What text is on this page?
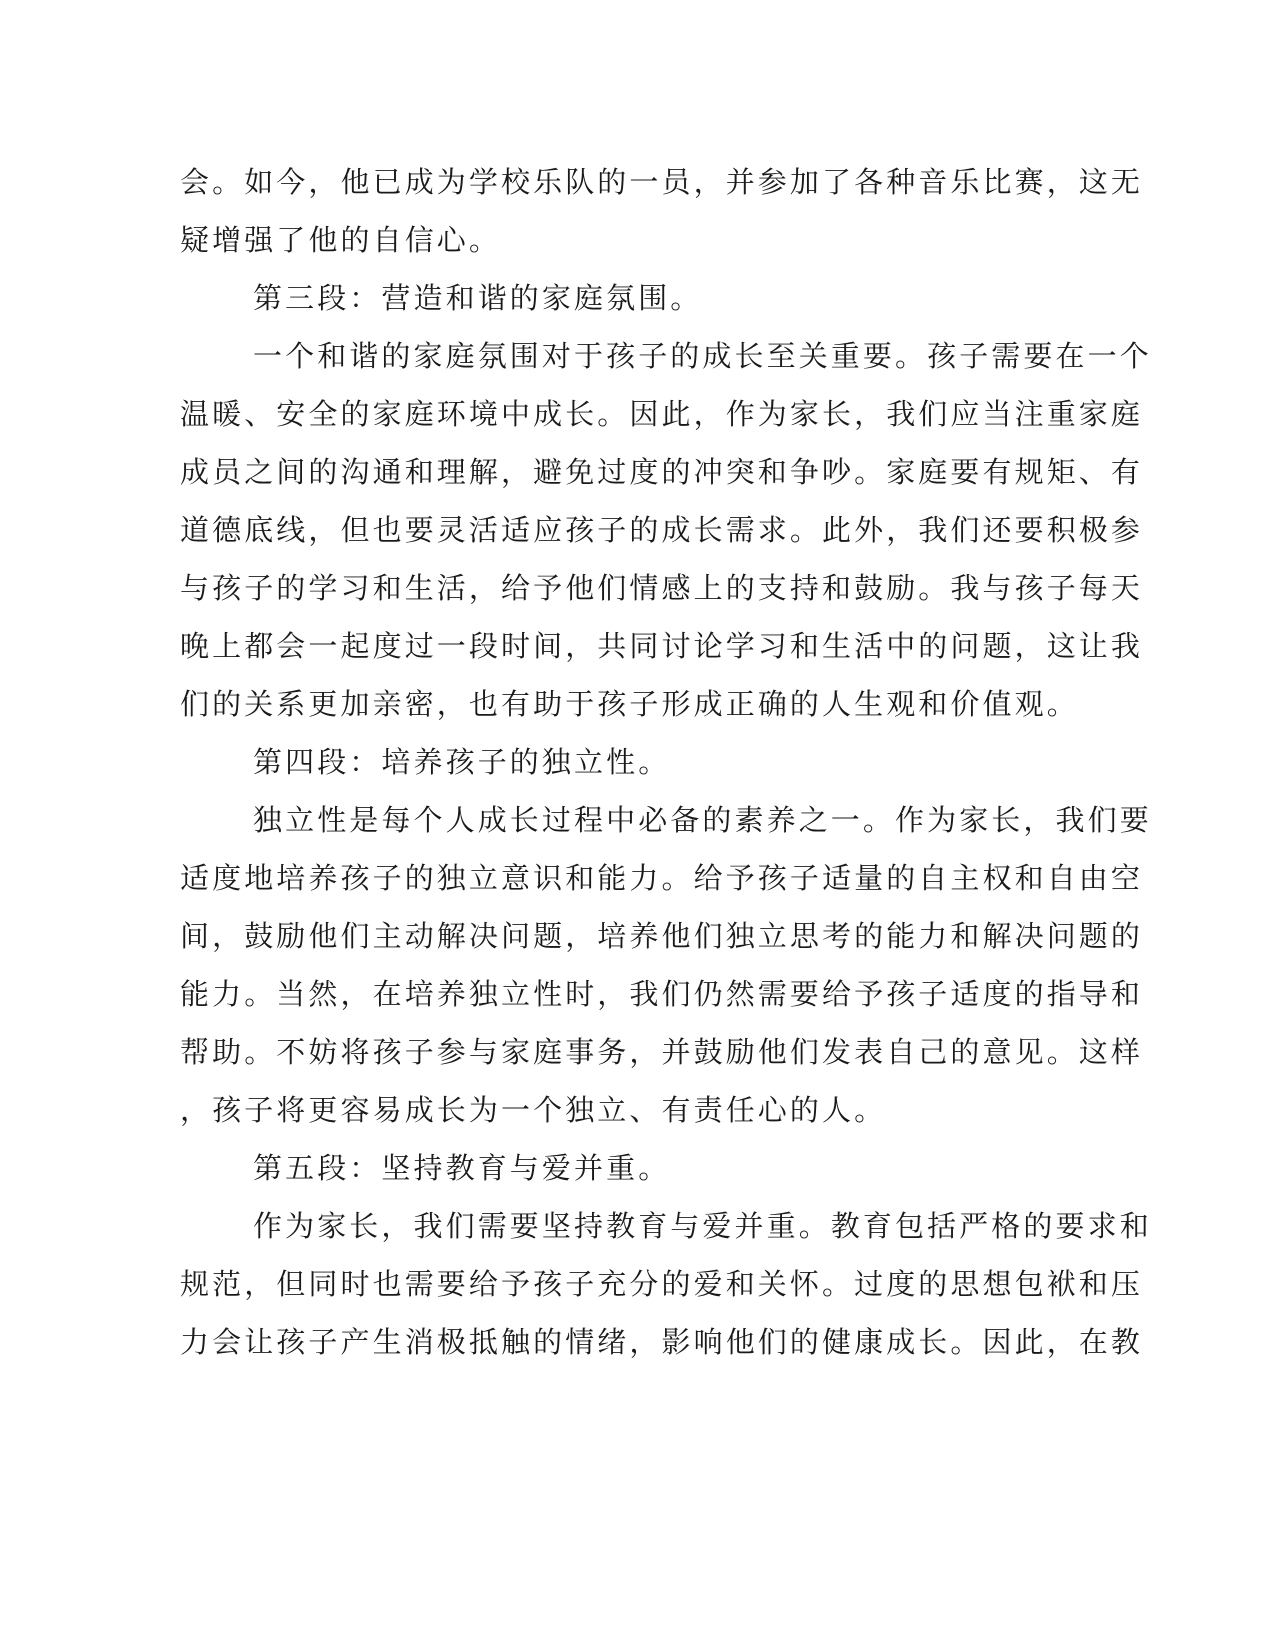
会。如今，他已成为学校乐队的一员，并参加了各种音乐比赛，这无
疑增强了他的自信心。
第三段：营造和谐的家庭氛围。
一个和谐的家庭氛围对于孩子的成长至关重要。孩子需要在一个
温暖、安全的家庭环境中成长。因此，作为家长，我们应当注重家庭
成员之间的沟通和理解，避免过度的冲突和争吵。家庭要有规矩、有
道德底线，但也要灵活适应孩子的成长需求。此外，我们还要积极参
与孩子的学习和生活，给予他们情感上的支持和鼓励。我与孩子每天
晚上都会一起度过一段时间，共同讨论学习和生活中的问题，这让我
们的关系更加亲密，也有助于孩子形成正确的人生观和价值观。
第四段：培养孩子的独立性。
独立性是每个人成长过程中必备的素养之一。作为家长，我们要
适度地培养孩子的独立意识和能力。给予孩子适量的自主权和自由空
间，鼓励他们主动解决问题，培养他们独立思考的能力和解决问题的
能力。当然，在培养独立性时，我们仍然需要给予孩子适度的指导和
帮助。不妨将孩子参与家庭事务，并鼓励他们发表自己的意见。这样
，孩子将更容易成长为一个独立、有责任心的人。
第五段：坚持教育与爱并重。
作为家长，我们需要坚持教育与爱并重。教育包括严格的要求和
规范，但同时也需要给予孩子充分的爱和关怀。过度的思想包袱和压
力会让孩子产生消极抵触的情绪，影响他们的健康成长。因此，在教
